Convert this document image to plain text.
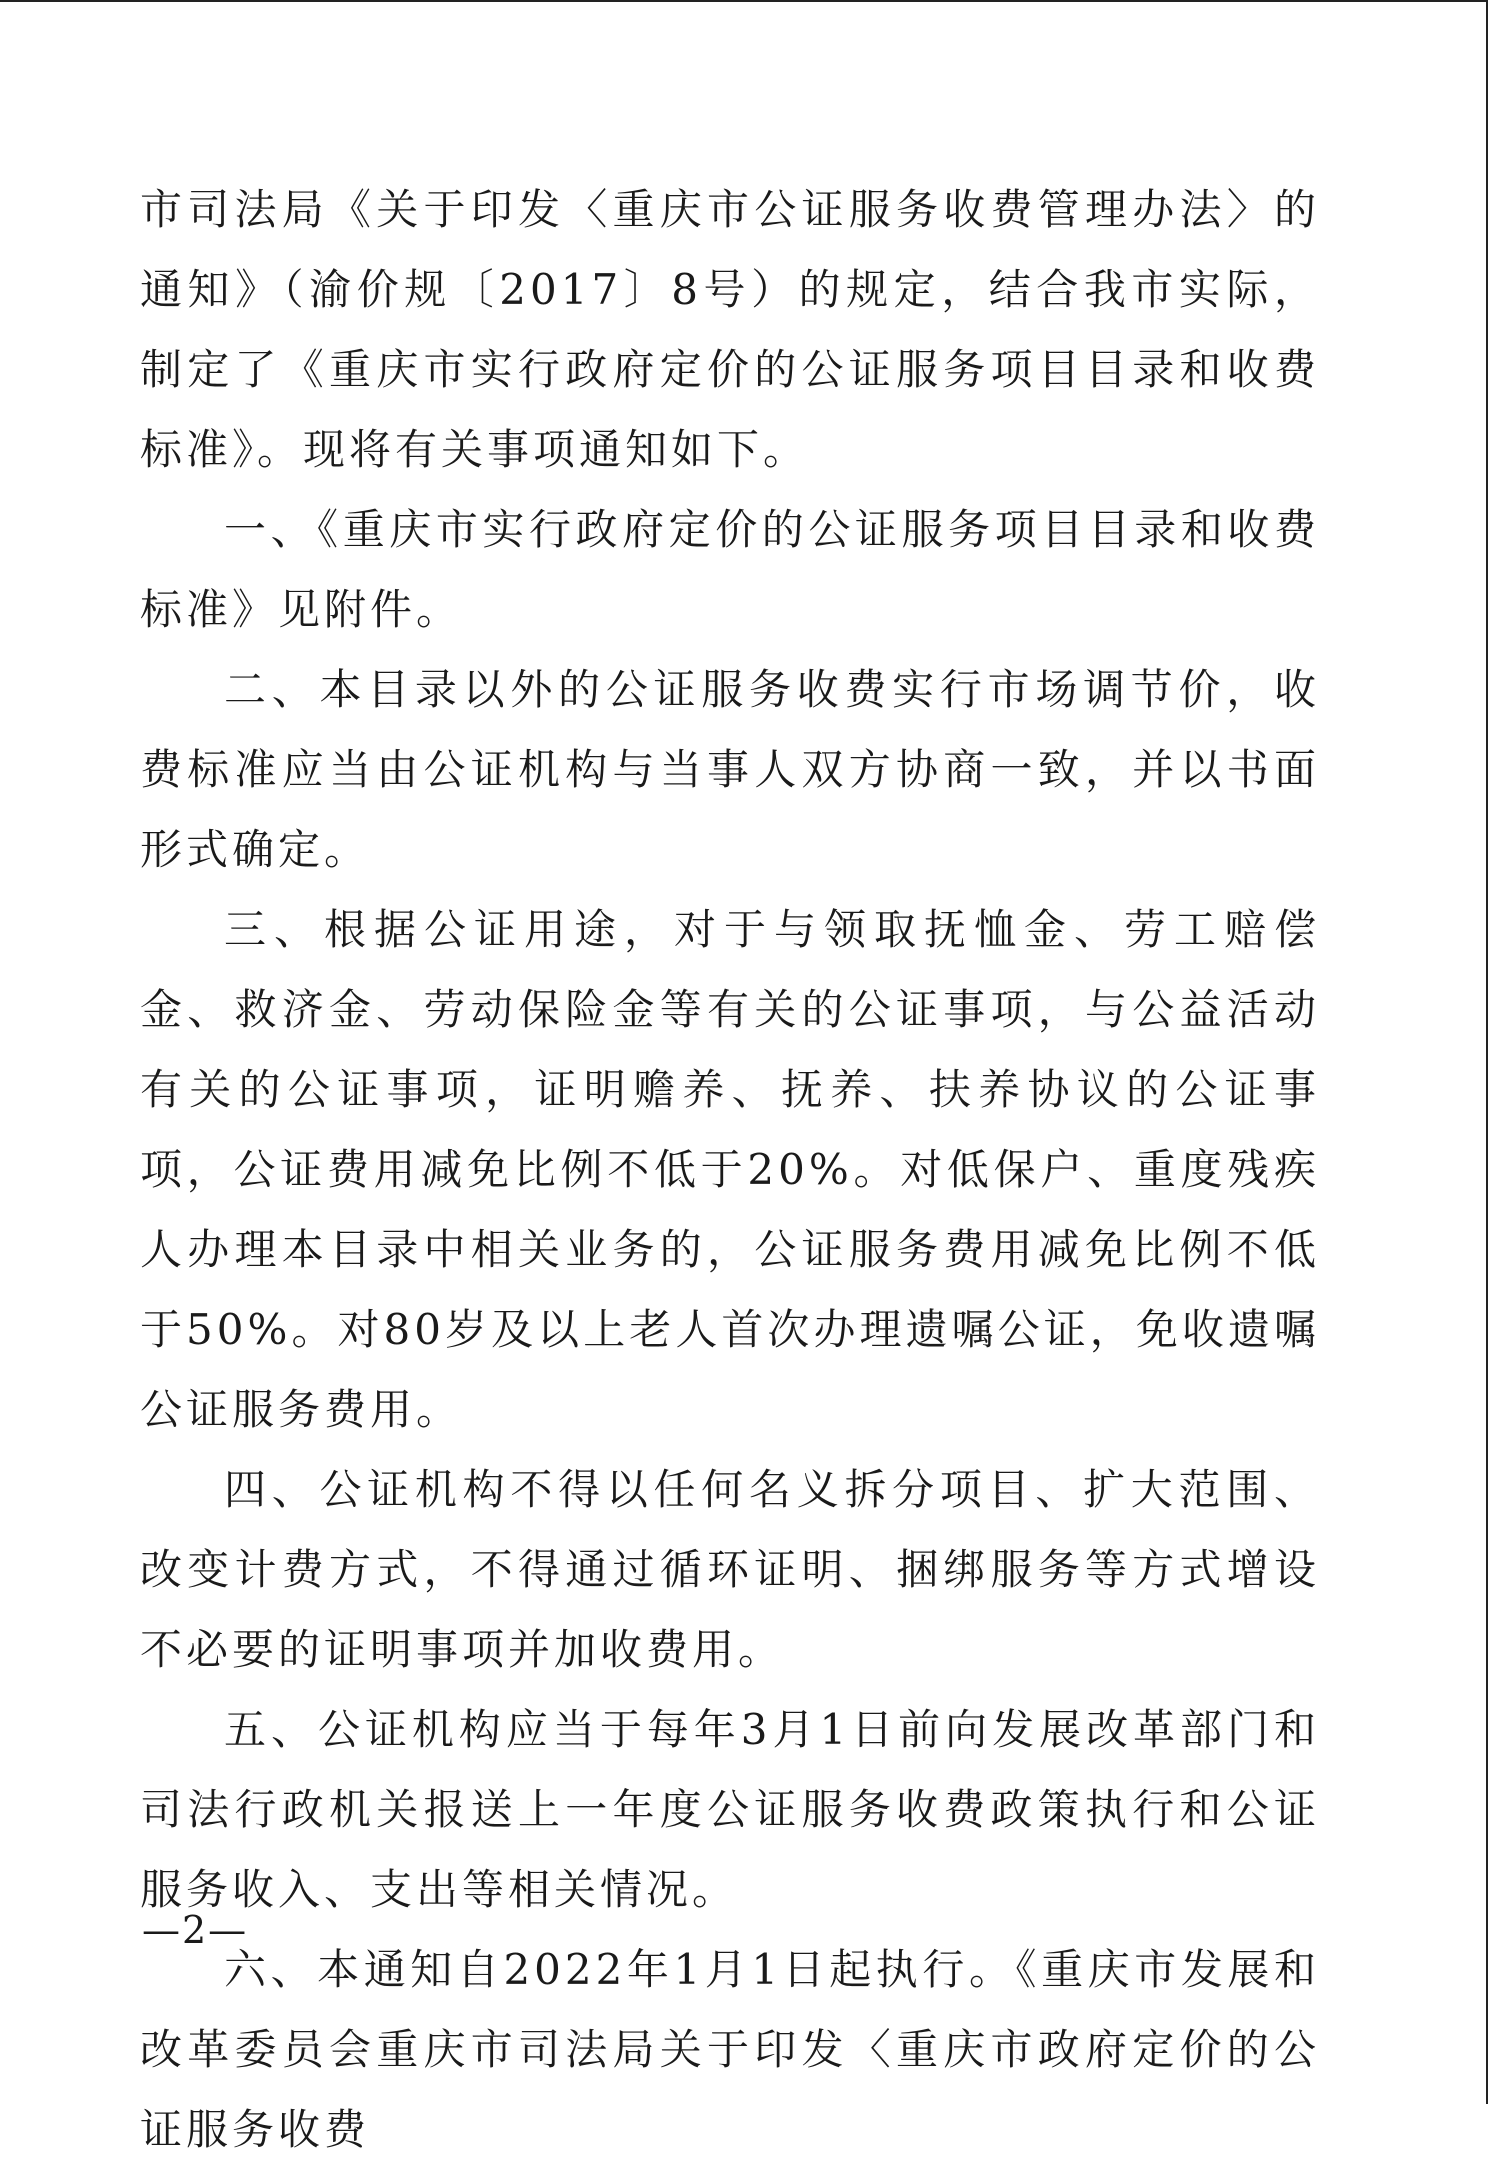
市司法局《关于印发〈重庆市公证服务收费管理办法〉的通知》（渝价规〔2017〕8号）的规定，结合我市实际，制定了《重庆市实行政府定价的公证服务项目目录和收费标准》。现将有关事项通知如下。

一、《重庆市实行政府定价的公证服务项目目录和收费标准》见附件。

二、本目录以外的公证服务收费实行市场调节价，收费标准应当由公证机构与当事人双方协商一致，并以书面形式确定。

三、根据公证用途，对于与领取抚恤金、劳工赔偿金、救济金、劳动保险金等有关的公证事项，与公益活动有关的公证事项，证明赡养、抚养、扶养协议的公证事项，公证费用减免比例不低于20%。对低保户、重度残疾人办理本目录中相关业务的，公证服务费用减免比例不低于50%。对80岁及以上老人首次办理遗嘱公证，免收遗嘱公证服务费用。

四、公证机构不得以任何名义拆分项目、扩大范围、改变计费方式，不得通过循环证明、捆绑服务等方式增设不必要的证明事项并加收费用。

五、公证机构应当于每年3月1日前向发展改革部门和司法行政机关报送上一年度公证服务收费政策执行和公证服务收入、支出等相关情况。

六、本通知自2022年1月1日起执行。《重庆市发展和改革委员会重庆市司法局关于印发〈重庆市政府定价的公证服务收费

—2—
